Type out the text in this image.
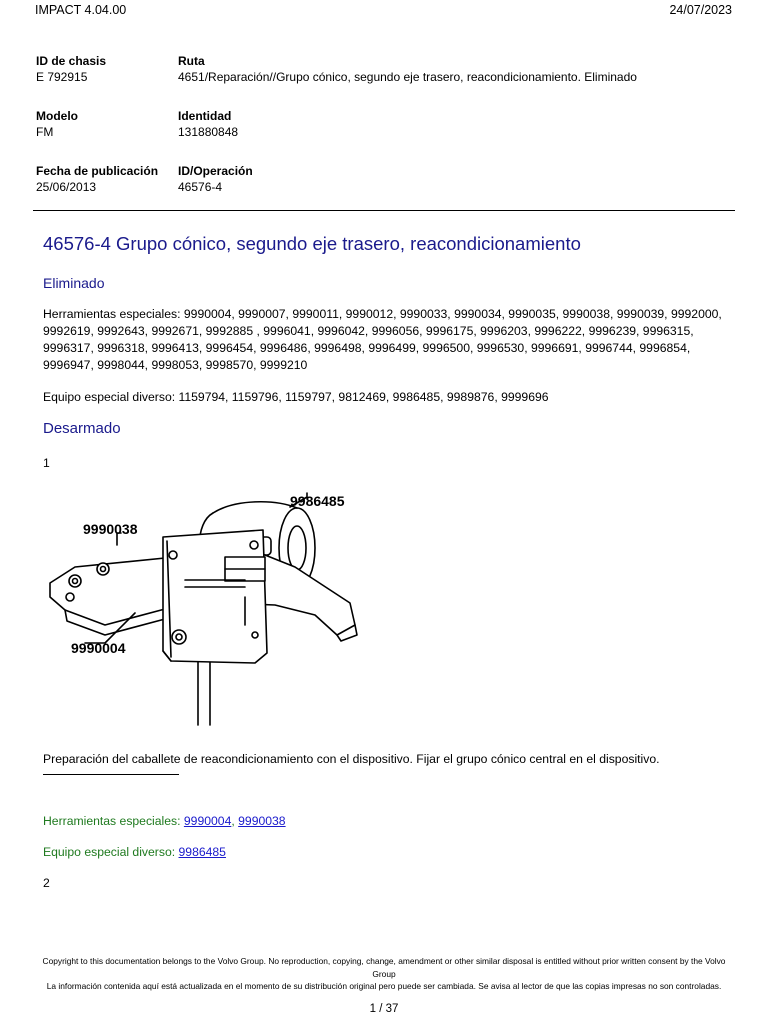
IMPACT 4.04.00	24/07/2023
ID de chasis
E 792915
Ruta
4651/Reparación//Grupo cónico, segundo eje trasero, reacondicionamiento. Eliminado
Modelo
FM
Identidad
131880848
Fecha de publicación
25/06/2013
ID/Operación
46576-4
46576-4 Grupo cónico, segundo eje trasero, reacondicionamiento
Eliminado
Herramientas especiales: 9990004, 9990007, 9990011, 9990012, 9990033, 9990034, 9990035, 9990038, 9990039, 9992000, 9992619, 9992643, 9992671, 9992885 , 9996041, 9996042, 9996056, 9996175, 9996203, 9996222, 9996239, 9996315, 9996317, 9996318, 9996413, 9996454, 9996486, 9996498, 9996499, 9996500, 9996530, 9996691, 9996744, 9996854, 9996947, 9998044, 9998053, 9998570, 9999210
Equipo especial diverso: 1159794, 1159796, 1159797, 9812469, 9986485, 9989876, 9999696
Desarmado
1
9986485
9990038
9990004
Preparación del caballete de reacondicionamiento con el dispositivo. Fijar el grupo cónico central en el dispositivo.
Herramientas especiales: 9990004, 9990038
Equipo especial diverso: 9986485
2
Copyright to this documentation belongs to the Volvo Group. No reproduction, copying, change, amendment or other similar disposal is entitled without prior written consent by the Volvo Group
La información contenida aquí está actualizada en el momento de su distribución original pero puede ser cambiada. Se avisa al lector de que las copias impresas no son controladas.
1 / 37
